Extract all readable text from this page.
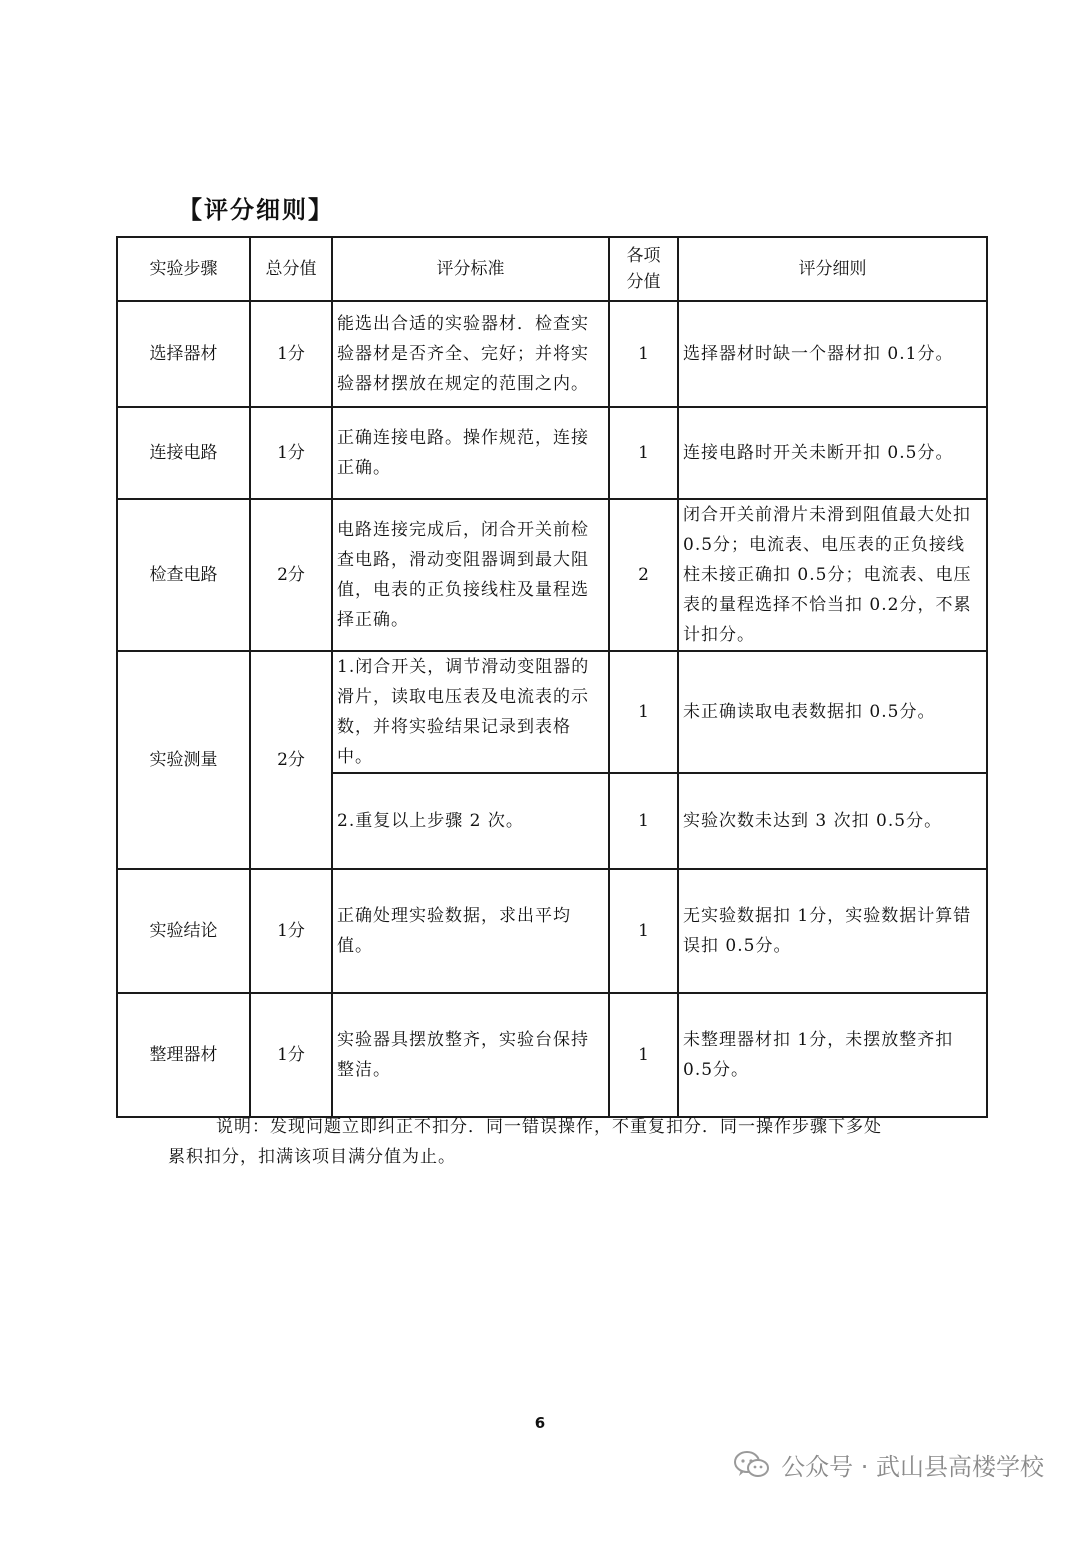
【评分细则】
实验步骤	总分值	评分标准	各项分值	评分细则
选择器材	1分	能选出合适的实验器材．检查实验器材是否齐全、完好；并将实验器材摆放在规定的范围之内。	1	选择器材时缺一个器材扣 0.1分。
连接电路	1分	正确连接电路。操作规范，连接正确。	1	连接电路时开关未断开扣 0.5分。
检查电路	2分	电路连接完成后，闭合开关前检查电路，滑动变阻器调到最大阻值，电表的正负接线柱及量程选择正确。	2	闭合开关前滑片未滑到阻值最大处扣 0.5分；电流表、电压表的正负接线柱未接正确扣 0.5分；电流表、电压表的量程选择不恰当扣 0.2分，不累计扣分。
实验测量	2分	1.闭合开关，调节滑动变阻器的滑片，读取电压表及电流表的示数，并将实验结果记录到表格中。	1	未正确读取电表数据扣 0.5分。
		2.重复以上步骤 2 次。	1	实验次数未达到 3 次扣 0.5分。
实验结论	1分	正确处理实验数据，求出平均值。	1	无实验数据扣 1分，实验数据计算错误扣 0.5分。
整理器材	1分	实验器具摆放整齐，实验台保持整洁。	1	未整理器材扣 1分，未摆放整齐扣 0.5分。
说明：发现问题立即纠正不扣分．同一错误操作，不重复扣分．同一操作步骤下多处
累积扣分，扣满该项目满分值为止。
6
公众号 · 武山县高楼学校
